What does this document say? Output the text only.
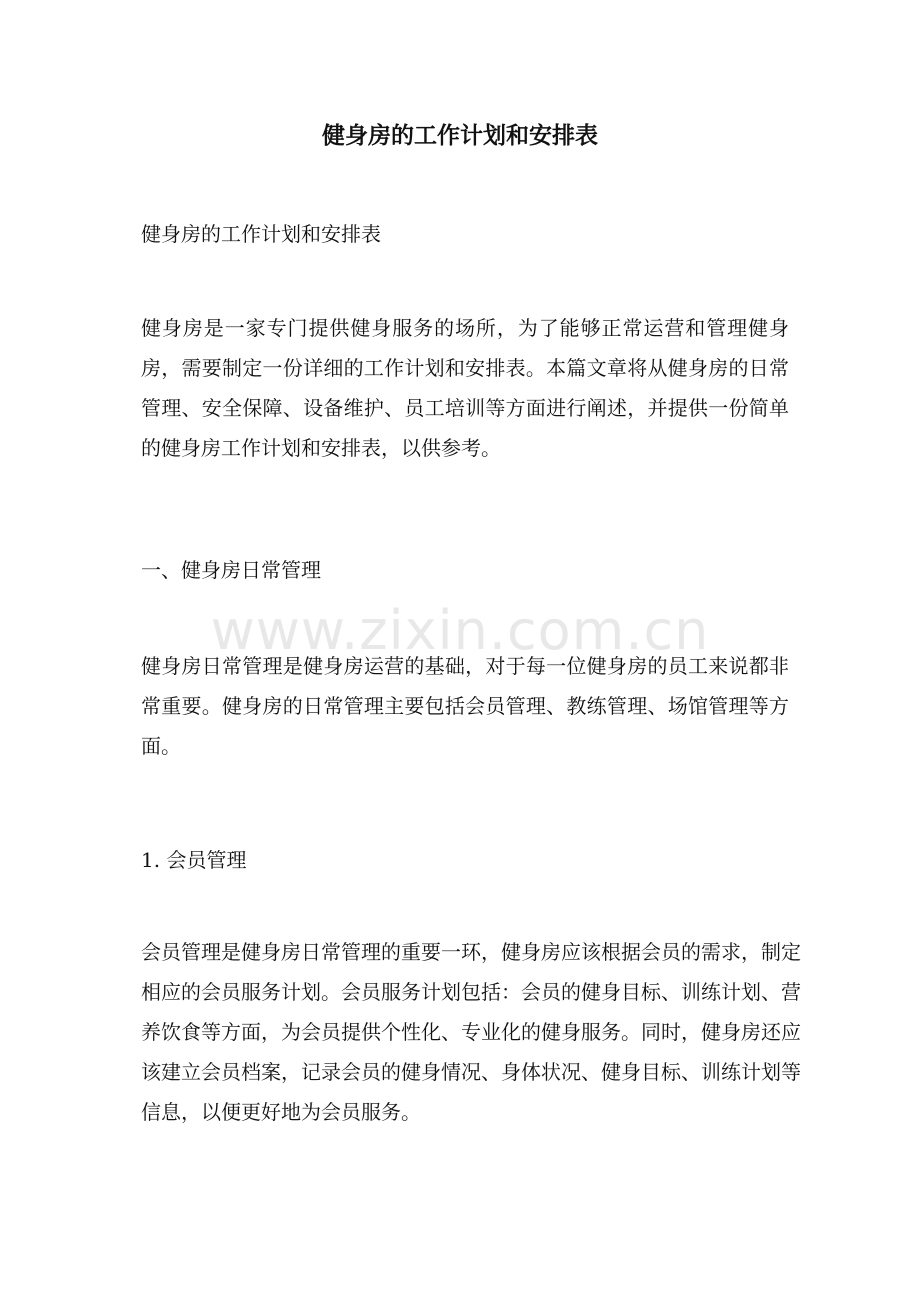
健身房的工作计划和安排表

健身房的工作计划和安排表

健身房是一家专门提供健身服务的场所，为了能够正常运营和管理健身房，需要制定一份详细的工作计划和安排表。本篇文章将从健身房的日常管理、安全保障、设备维护、员工培训等方面进行阐述，并提供一份简单的健身房工作计划和安排表，以供参考。

一、健身房日常管理

健身房日常管理是健身房运营的基础，对于每一位健身房的员工来说都非常重要。健身房的日常管理主要包括会员管理、教练管理、场馆管理等方面。

1. 会员管理

会员管理是健身房日常管理的重要一环，健身房应该根据会员的需求，制定相应的会员服务计划。会员服务计划包括：会员的健身目标、训练计划、营养饮食等方面，为会员提供个性化、专业化的健身服务。同时，健身房还应该建立会员档案，记录会员的健身情况、身体状况、健身目标、训练计划等信息，以便更好地为会员服务。

www.zixin.com.cn
